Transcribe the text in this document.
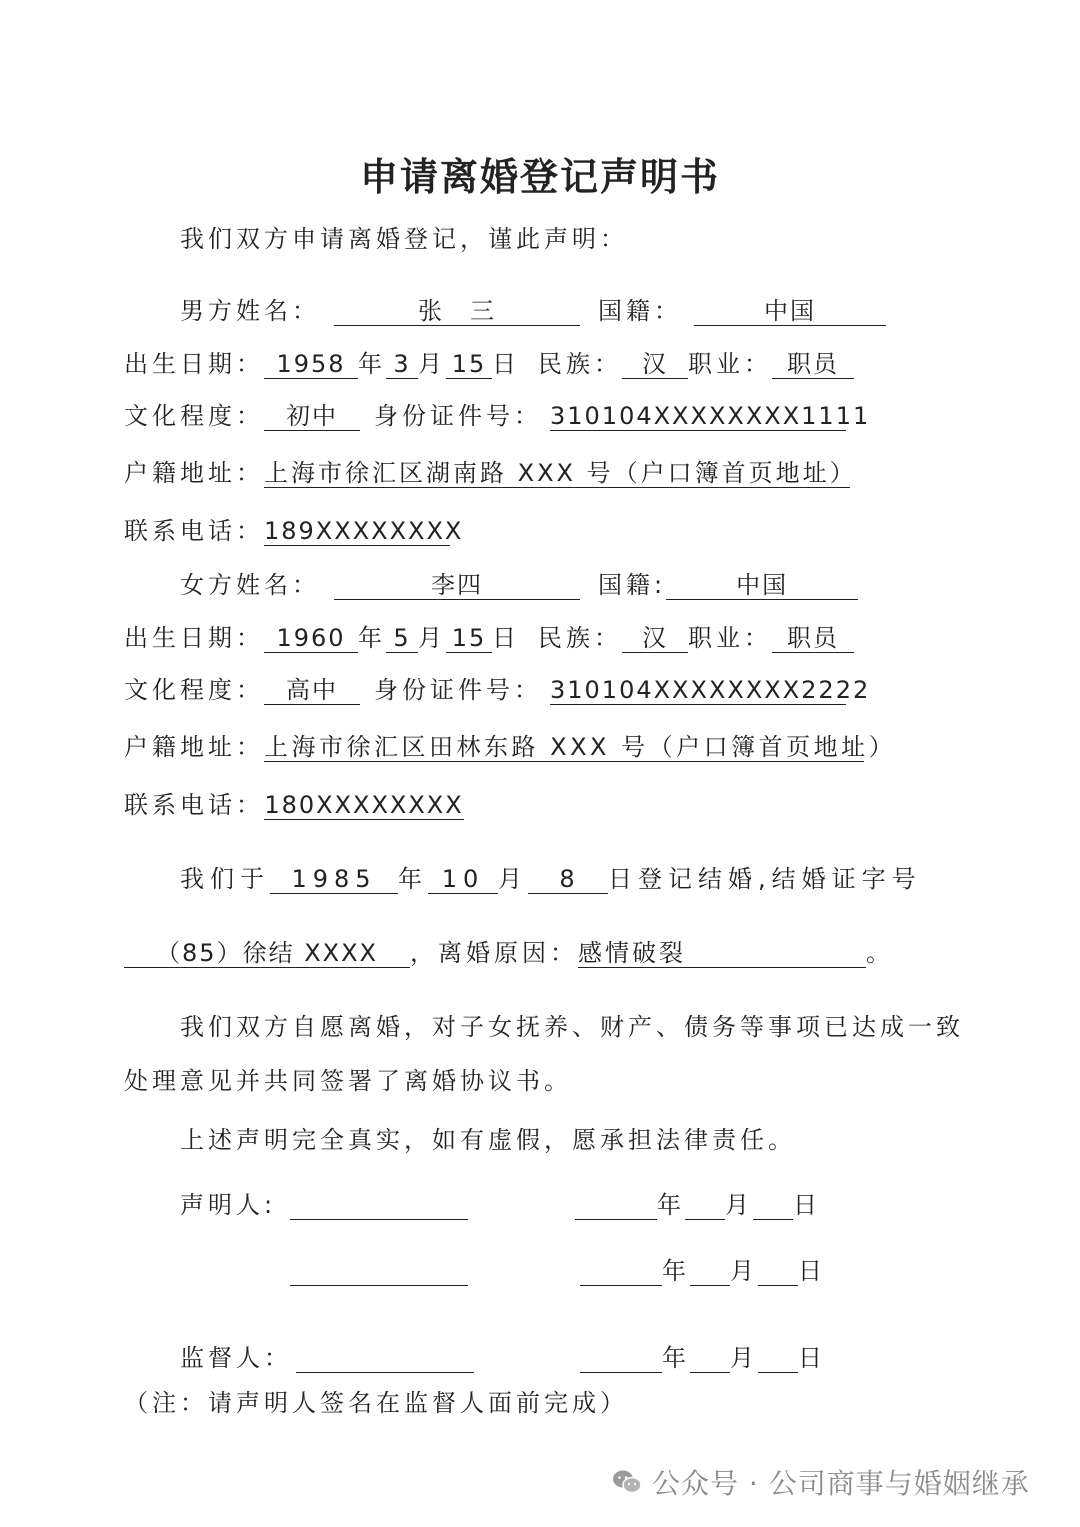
申请离婚登记声明书
我们双方申请离婚登记，谨此声明：
男方姓名：	张　三	国籍：	中国
出生日期： 1958 年 3 月 15 日 民族： 汉 职业： 职员
文化程度： 初中 身份证件号： 310104XXXXXXXX1111
户籍地址：上海市徐汇区湖南路 XXX 号（户口簿首页地址）
联系电话：189XXXXXXXX
女方姓名：	李四	国籍:	中国
出生日期： 1960 年 5 月 15 日 民族： 汉 职业： 职员
文化程度： 高中 身份证件号： 310104XXXXXXXX2222
户籍地址：上海市徐汇区田林东路 XXX 号（户口簿首页地址）
联系电话：180XXXXXXXX
我们于 1985 年 10 月 8 日登记结婚,结婚证字号
（85）徐结 XXXX ，离婚原因：感情破裂	。
我们双方自愿离婚，对子女抚养、财产、债务等事项已达成一致
处理意见并共同签署了离婚协议书。
上述声明完全真实，如有虚假，愿承担法律责任。
声明人:	年 月 日
年 月 日
监督人：	年 月 日
（注：请声明人签名在监督人面前完成）
公众号 · 公司商事与婚姻继承
